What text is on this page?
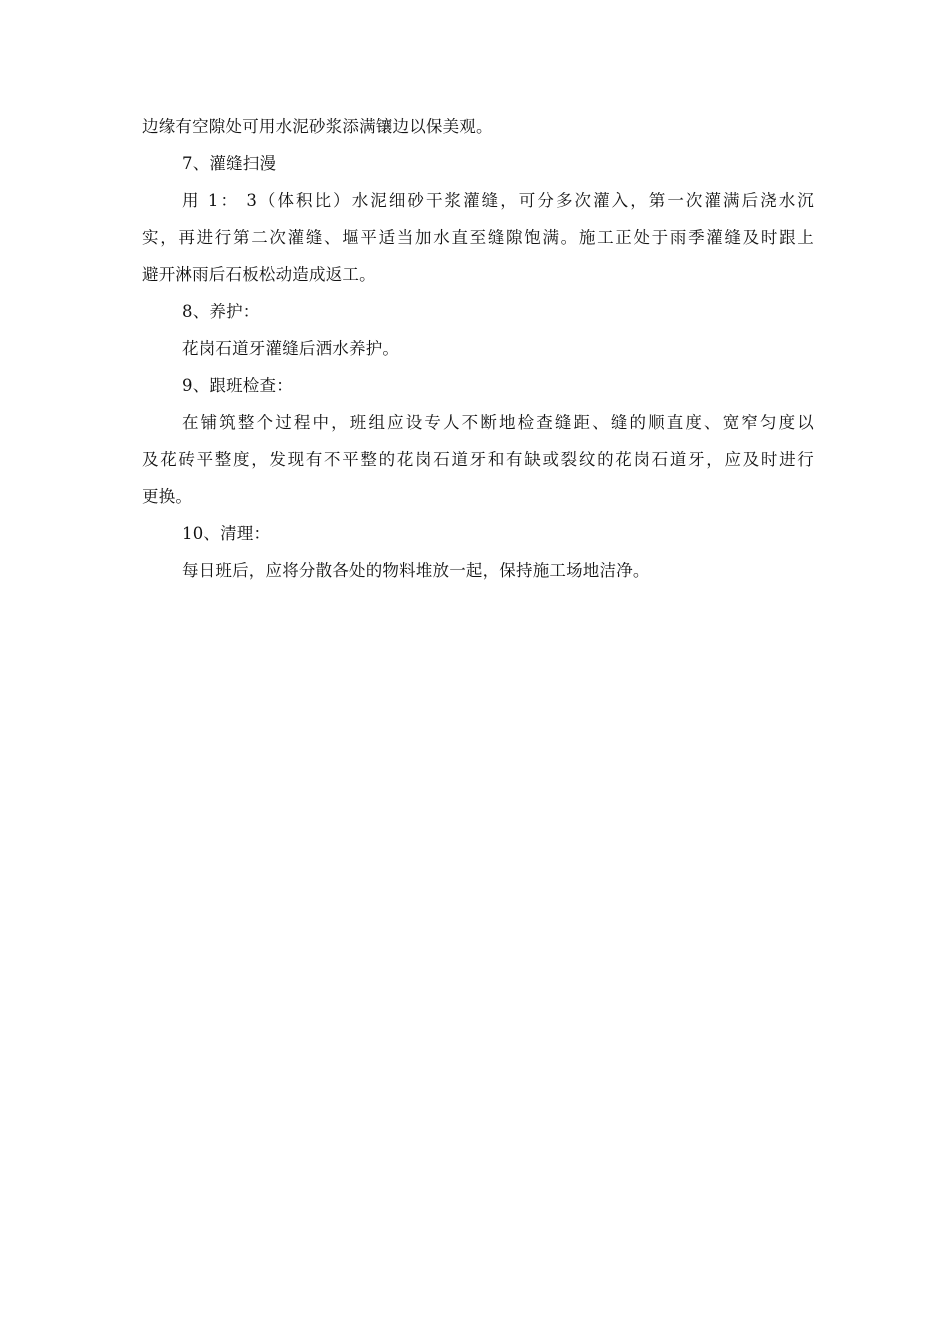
边缘有空隙处可用水泥砂浆添满镶边以保美观。
7、灌缝扫漫
用 1： 3（体积比）水泥细砂干浆灌缝，可分多次灌入，第一次灌满后浇水沉
实，再进行第二次灌缝、塸平适当加水直至缝隙饱满。施工正处于雨季灌缝及时跟上
避开淋雨后石板松动造成返工。
8、养护：
花岗石道牙灌缝后洒水养护。
9、跟班检查：
在铺筑整个过程中，班组应设专人不断地检查缝距、缝的顺直度、宽窄匀度以
及花砖平整度，发现有不平整的花岗石道牙和有缺或裂纹的花岗石道牙，应及时进行
更换。
10、清理：
每日班后，应将分散各处的物料堆放一起，保持施工场地洁净。
